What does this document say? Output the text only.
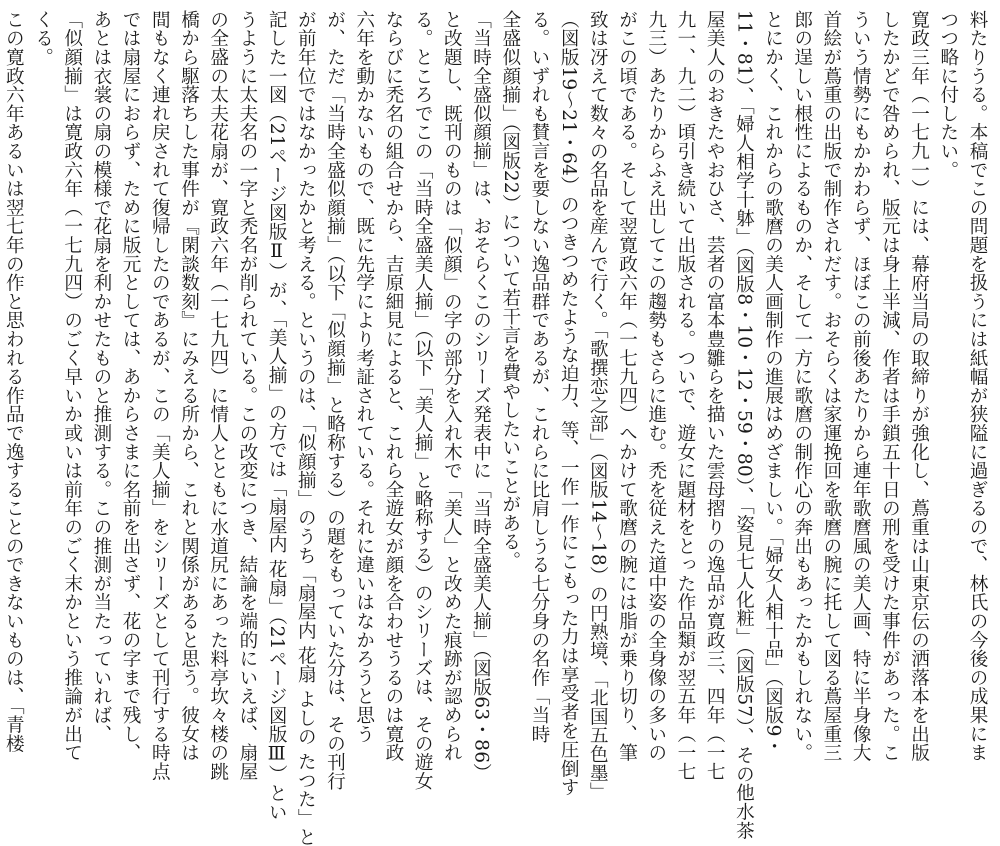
料たりうる。本稿でこの問題を扱うには紙幅が狭隘に過ぎるので、林氏の今後の成果にま
つつ略に付したい。
寛政三年（一七九一）には、幕府当局の取締りが強化し、蔦重は山東京伝の洒落本を出版
したかどで咎められ、版元は身上半減、作者は手鎖五十日の刑を受けた事件があった。こ
ういう情勢にもかかわらず、ほぼこの前後あたりから連年歌麿風の美人画、特に半身像大
首絵が蔦重の出版で制作されだす。おそらくは家運挽回を歌麿の腕に托して図る蔦屋重三
郎の逞しい根性によるものか、そして一方に歌麿の制作心の奔出もあったかもしれない。
とにかく、これからの歌麿の美人画制作の進展はめざましい。「婦女人相十品」（図版9・
11・81）、「婦人相学十躰」（図版8・10・12・59・80）、「姿見七人化粧」（図版57）、その他水茶
屋美人のおきたやおひさ、芸者の富本豊雛らを描いた雲母摺りの逸品が寛政三、四年（一七
九一、九二）頃引き続いて出版される。ついで、遊女に題材をとった作品類が翌五年（一七
九三）あたりからふえ出してこの趨勢もさらに進む。禿を従えた道中姿の全身像の多いの
がこの頃である。そして翌寛政六年（一七九四）へかけて歌麿の腕には脂が乗り切り、筆
致は冴えて数々の名品を産んで行く。「歌撰恋之部」（図版14〜18）の円熟境、「北国五色墨」
（図版19〜21・64）のつきつめたような迫力、等、一作一作にこもった力は享受者を圧倒す
る。いずれも賛言を要しない逸品群であるが、これらに比肩しうる七分身の名作「当時
全盛似顔揃」（図版22）について若干言を費やしたいことがある。
「当時全盛似顔揃」は、おそらくこのシリーズ発表中に「当時全盛美人揃」（図版63・86）
と改題し、既刊のものは「似顔」の字の部分を入れ木で「美人」と改めた痕跡が認められ
る。ところでこの「当時全盛美人揃」（以下「美人揃」と略称する）のシリーズは、その遊女
ならびに禿名の組合せから、吉原細見によると、これら全遊女が顔を合わせうるのは寛政
六年を動かないもので、既に先学により考証されている。それに違いはなかろうと思う
が、ただ「当時全盛似顔揃」（以下「似顔揃」と略称する）の題をもっていた分は、その刊行
が前年位ではなかったかと考える。というのは、「似顔揃」のうち「扇屋内 花扇 よしの たつた」と
記した一図（21ページ図版Ⅱ）が、「美人揃」の方では「扇屋内 花扇」（21ページ図版Ⅲ）とい
うように太夫名の一字と禿名が削られている。この改変につき、結論を端的にいえば、扇屋
の全盛の太夫花扇が、寛政六年（一七九四）に情人とともに水道尻にあった料亭坎々楼の跳
橋から駆落ちした事件が『閑談数刻』にみえる所から、これと関係があると思う。彼女は
間もなく連れ戻されて復帰したのであるが、この「美人揃」をシリーズとして刊行する時点
では扇屋におらず、ために版元としては、あからさまに名前を出さず、花の字まで残し、
あとは衣裳の扇の模様で花扇を利かせたものと推測する。この推測が当たっていれば、
「似顔揃」は寛政六年（一七九四）のごく早いか或いは前年のごく末かという推論が出て
くる。
この寛政六年あるいは翌七年の作と思われる作品で逸することのできないものは、「青楼
